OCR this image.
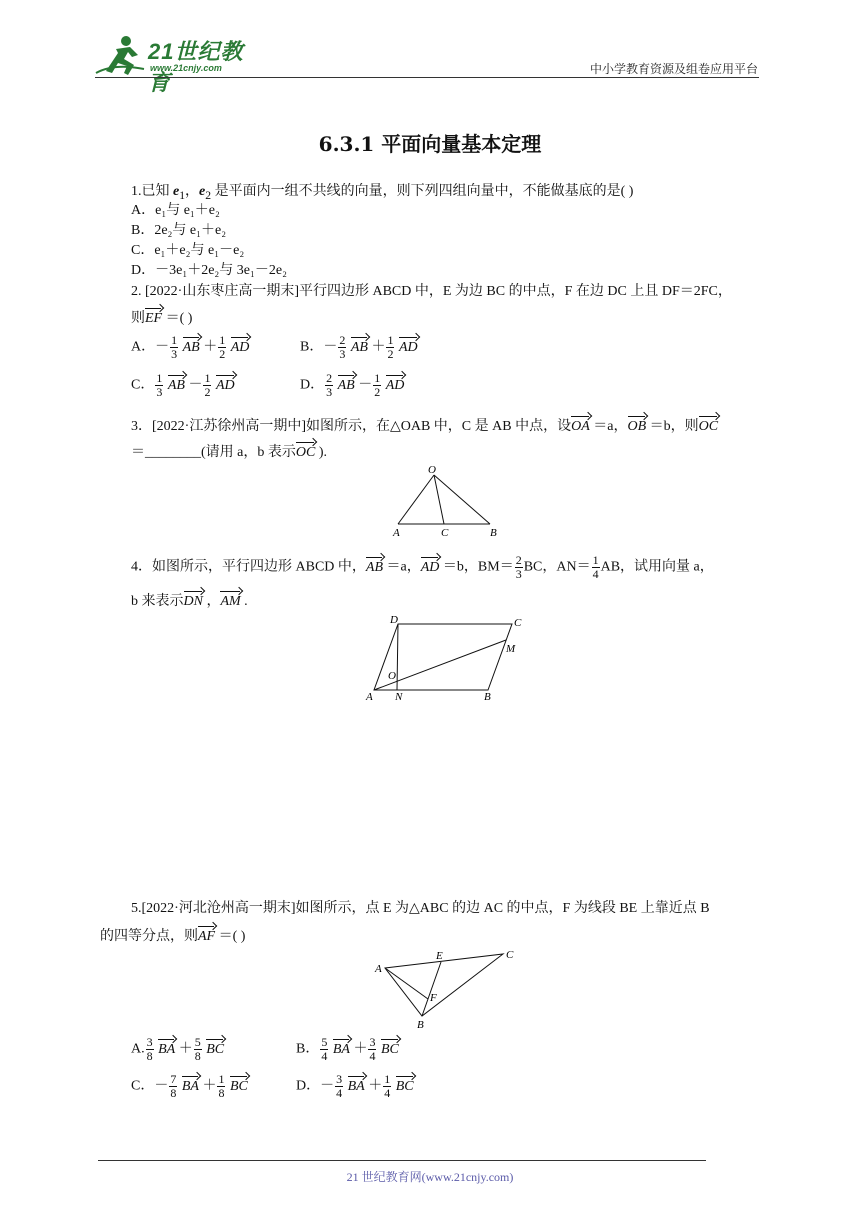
21世纪教育
www.21cnjy.com	中小学教育资源及组卷应用平台
6.3.1 平面向量基本定理
1.已知 $e_1$，$e_2$ 是平面内一组不共线的向量，则下列四组向量中，不能做基底的是( )
A．e₁与 e₁＋e₂
B．2e₂与 e₁＋e₂
C．e₁＋e₂与 e₁－e₂
D．－3e₁＋2e₂与 3e₁－2e₂
2. [2022·山东枣庄高一期末]平行四边形 ABCD 中，E 为边 BC 的中点，F 在边 DC 上且 DF＝2FC，
则EF ＝( )
A．－ $\frac{1}{3}$ AB ＋ $\frac{1}{2}$ AD	B．－ $\frac{2}{3}$ AB ＋ $\frac{1}{2}$ AD
C． $\frac{1}{3}$ AB － $\frac{1}{2}$ AD	D． $\frac{2}{3}$ AB － $\frac{1}{2}$ AD
3．[2022·江苏徐州高一期中]如图所示，在△OAB 中，C 是 AB 中点，设OA ＝a，OB ＝b，则OC
＝________(请用 a，b 表示OC ).
O
A	C	B
4．如图所示，平行四边形 ABCD 中，AB ＝a，AD ＝b，$BM= \frac{2}{3}$ BC，$AN= \frac{1}{4}$ AB，试用向量 a，
b 来表示DN ，AM .
D	C
M
O
A N	B
5.[2022·河北沧州高一期末]如图所示，点 E 为△ABC 的边 AC 的中点，F 为线段 BE 上靠近点 B
的四等分点，则AF ＝( )
E	C
A
F
B
A. $\frac{3}{8}$ BA ＋ $\frac{5}{8}$ BC	B． $\frac{5}{4}$ BA ＋ $\frac{3}{4}$ BC
C．－ $\frac{7}{8}$ BA ＋ $\frac{1}{8}$ BC	D．－ $\frac{3}{4}$ BA ＋ $\frac{1}{4}$ BC
21 世纪教育网(www.21cnjy.com)
